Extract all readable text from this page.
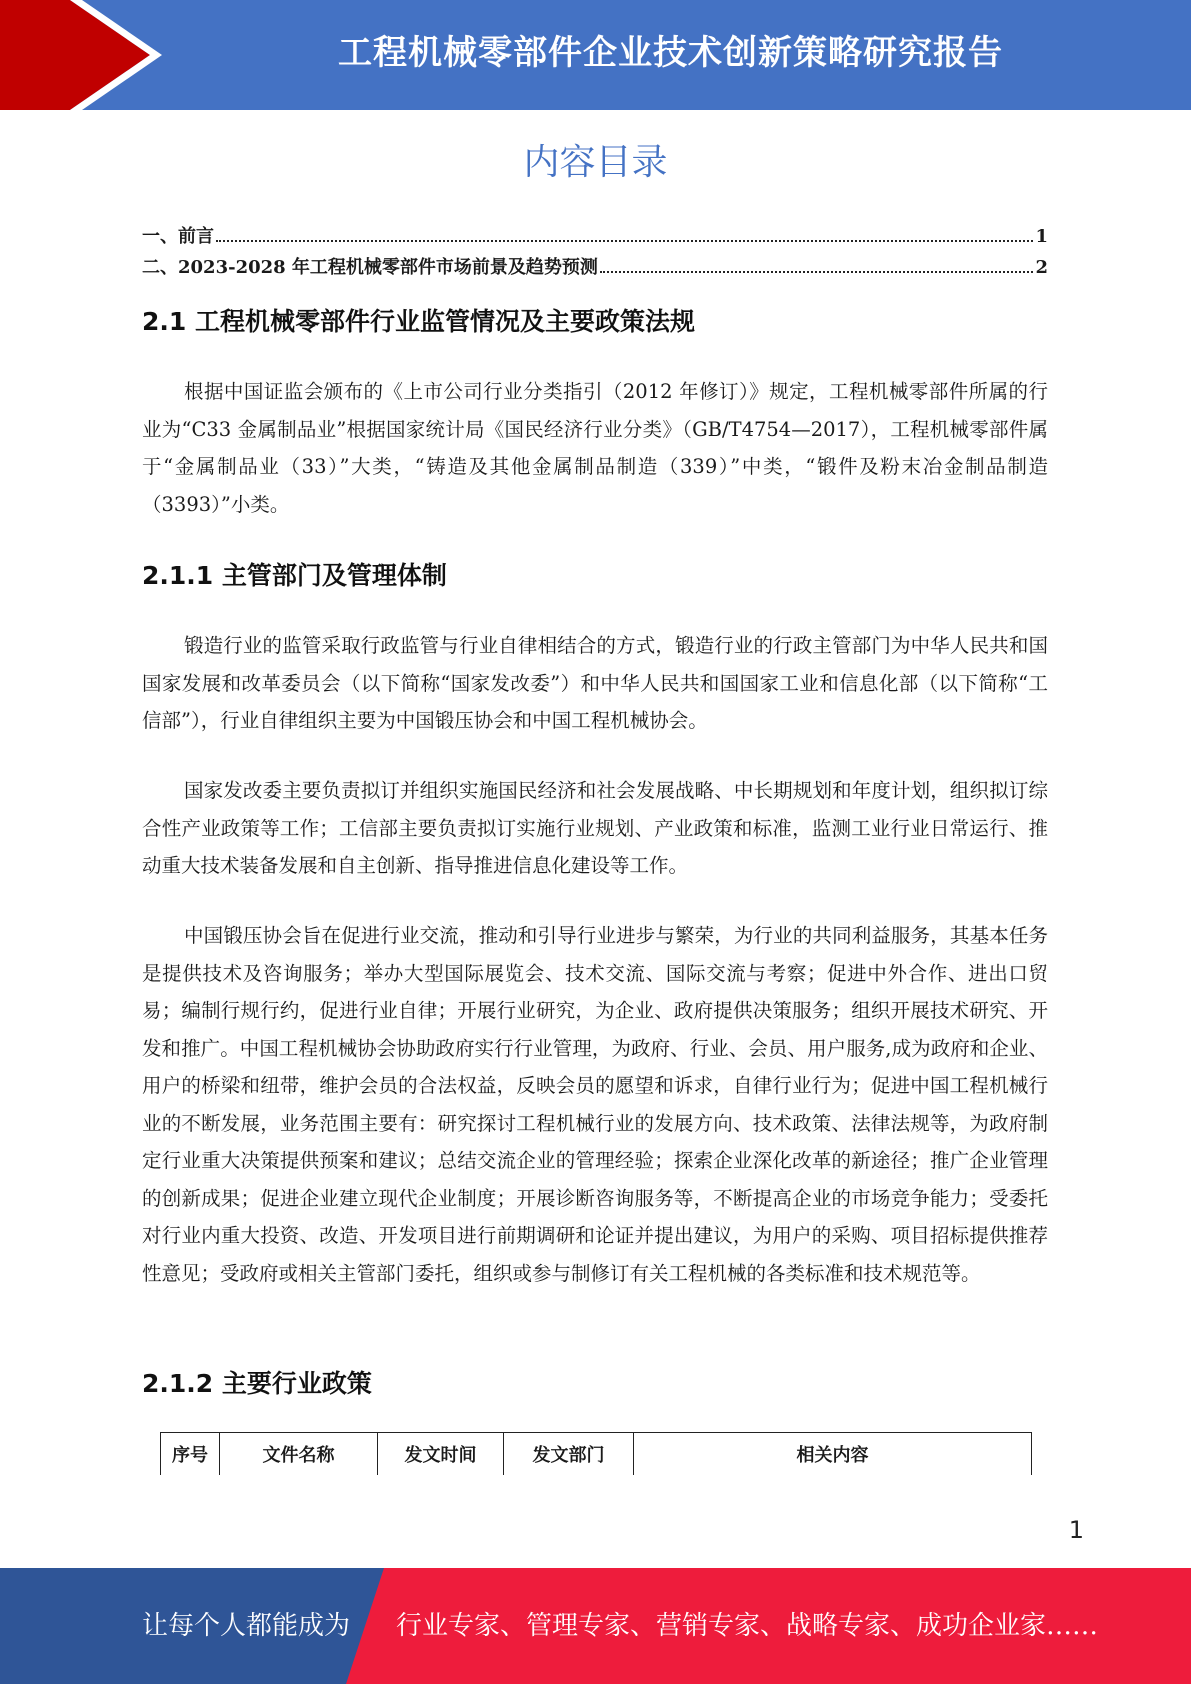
工程机械零部件企业技术创新策略研究报告
内容目录
一、前言	1
二、2023-2028 年工程机械零部件市场前景及趋势预测	2
2.1 工程机械零部件行业监管情况及主要政策法规

根据中国证监会颁布的《上市公司行业分类指引（2012 年修订）》规定，工程机械零部件所属的行业为“C33 金属制品业”根据国家统计局《国民经济行业分类》（GB/T4754—2017），工程机械零部件属于“金属制品业（33）”大类，“铸造及其他金属制品制造（339）”中类，“锻件及粉末冶金制品制造（3393）”小类。

2.1.1 主管部门及管理体制

锻造行业的监管采取行政监管与行业自律相结合的方式，锻造行业的行政主管部门为中华人民共和国国家发展和改革委员会（以下简称“国家发改委”）和中华人民共和国国家工业和信息化部（以下简称“工信部”），行业自律组织主要为中国锻压协会和中国工程机械协会。

国家发改委主要负责拟订并组织实施国民经济和社会发展战略、中长期规划和年度计划，组织拟订综合性产业政策等工作；工信部主要负责拟订实施行业规划、产业政策和标准，监测工业行业日常运行、推动重大技术装备发展和自主创新、指导推进信息化建设等工作。

中国锻压协会旨在促进行业交流，推动和引导行业进步与繁荣，为行业的共同利益服务，其基本任务是提供技术及咨询服务；举办大型国际展览会、技术交流、国际交流与考察；促进中外合作、进出口贸易；编制行规行约，促进行业自律；开展行业研究，为企业、政府提供决策服务；组织开展技术研究、开发和推广。中国工程机械协会协助政府实行行业管理，为政府、行业、会员、用户服务,成为政府和企业、用户的桥梁和纽带，维护会员的合法权益，反映会员的愿望和诉求，自律行业行为；促进中国工程机械行业的不断发展，业务范围主要有：研究探讨工程机械行业的发展方向、技术政策、法律法规等，为政府制定行业重大决策提供预案和建议；总结交流企业的管理经验；探索企业深化改革的新途径；推广企业管理的创新成果；促进企业建立现代企业制度；开展诊断咨询服务等，不断提高企业的市场竞争能力；受委托对行业内重大投资、改造、开发项目进行前期调研和论证并提出建议，为用户的采购、项目招标提供推荐性意见；受政府或相关主管部门委托，组织或参与制修订有关工程机械的各类标准和技术规范等。

2.1.2 主要行业政策
序号	文件名称	发文时间	发文部门	相关内容
1
让每个人都能成为 行业专家、管理专家、营销专家、战略专家、成功企业家……
